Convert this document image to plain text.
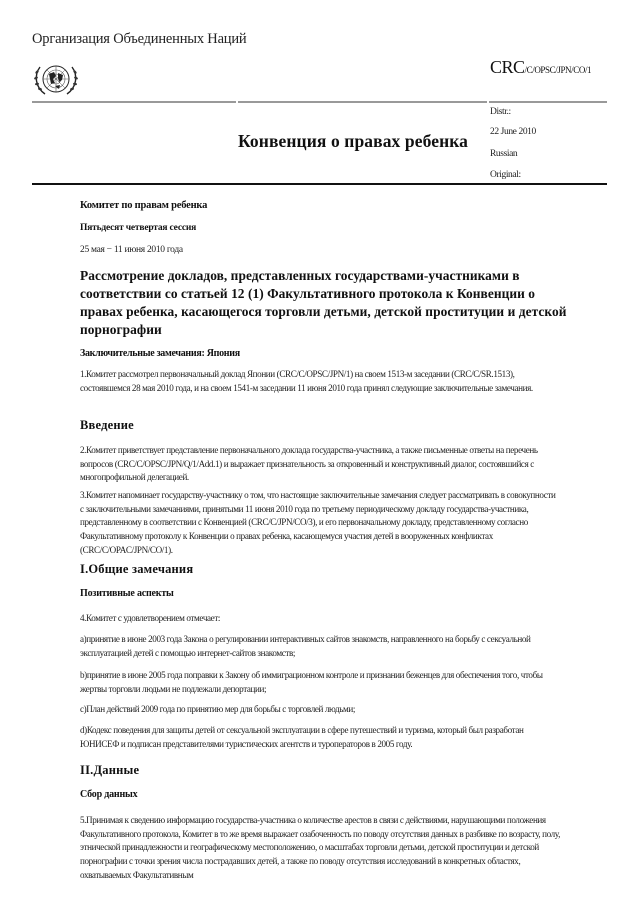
Организация Объединенных Наций
CRC/C/OPSC/JPN/CO/1
Конвенция о правах ребенка
Distr.:
22 June 2010
Russian
Original:
Комитет по правам ребенка
Пятьдесят четвертая сессия
25 мая − 11 июня 2010 года
Рассмотрение докладов, представленных государствами-участниками в соответствии со статьей 12 (1) Факультативного протокола к Конвенции о правах ребенка, касающегося торговли детьми, детской проституции и детской порнографии
Заключительные замечания: Япония
1.Комитет рассмотрел первоначальный доклад Японии (CRC/C/OPSC/JPN/1) на своем 1513-м заседании (CRC/C/SR.1513), состоявшемся 28 мая 2010 года, и на своем 1541-м заседании 11 июня 2010 года принял следующие заключительные замечания.
Введение
2.Комитет приветствует представление первоначального доклада государства-участника, а также письменные ответы на перечень вопросов (CRC/C/OPSC/JPN/Q/1/Add.1) и выражает признательность за откровенный и конструктивный диалог, состоявшийся с многопрофильной делегацией.
3.Комитет напоминает государству-участнику о том, что настоящие заключительные замечания следует рассматривать в совокупности с заключительными замечаниями, принятыми 11 июня 2010 года по третьему периодическому докладу государства-участника, представленному в соответствии с Конвенцией (CRC/C/JPN/CO/3), и его первоначальному докладу, представленному согласно Факультативному протоколу к Конвенции о правах ребенка, касающемуся участия детей в вооруженных конфликтах (CRC/C/OPAC/JPN/CO/1).
I.Общие замечания
Позитивные аспекты
4.Комитет с удовлетворением отмечает:
a)принятие в июне 2003 года Закона о регулировании интерактивных сайтов знакомств, направленного на борьбу с сексуальной эксплуатацией детей с помощью интернет-сайтов знакомств;
b)принятие в июне 2005 года поправки к Закону об иммиграционном контроле и признании беженцев для обеспечения того, чтобы жертвы торговли людьми не подлежали депортации;
c)План действий 2009 года по принятию мер для борьбы с торговлей людьми;
d)Кодекс поведения для защиты детей от сексуальной эксплуатации в сфере путешествий и туризма, который был разработан ЮНИСЕФ и подписан представителями туристических агентств и туроператоров в 2005 году.
II.Данные
Сбор данных
5.Принимая к сведению информацию государства-участника о количестве арестов в связи с действиями, нарушающими положения Факультативного протокола, Комитет в то же время выражает озабоченность по поводу отсутствия данных в разбивке по возрасту, полу, этнической принадлежности и географическому местоположению, о масштабах торговли детьми, детской проституции и детской порнографии с точки зрения числа пострадавших детей, а также по поводу отсутствия исследований в конкретных областях, охватываемых Факультативным
